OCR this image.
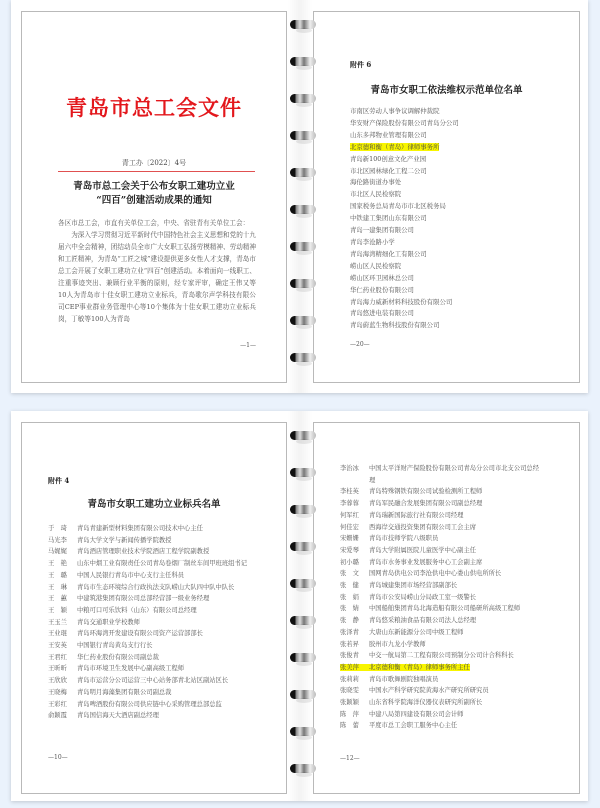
青岛市总工会文件
青工办〔2022〕4号
青岛市总工会关于公布女职工建功立业
“四百”创建活动成果的通知

各区市总工会，市直有关单位工会，中央、省驻青有关单位工会：

为深入学习贯彻习近平新时代中国特色社会主义思想和党的十九届六中全会精神，团结动员全市广大女职工弘扬劳模精神、劳动精神和工匠精神，为青岛“工匠之城”建设提供更多女性人才支撑，青岛市总工会开展了女职工建功立业“四百”创建活动。本着面向一线职工、注重事迹突出、兼顾行业平衡的原则，经专家评审，确定王伟又等10人为青岛市十佳女职工建功立业标兵，青岛歌尔声学科技有限公司CEP事业群业务管理中心等10个集体为十佳女职工建功立业标兵岗，丁敏等100人为青岛

—1—
附件 6
青岛市女职工依法维权示范单位名单
市南区劳动人事争议调解仲裁院
华安财产保险股份有限公司青岛分公司
山东多邦物业管理有限公司
北京德和衡（青岛）律师事务所
青岛新100创意文化产业园
市北区园林绿化工程二公司
海伦路街道办事处
市北区人民检察院
国家税务总局青岛市市北区税务局
中铁建工集团山东有限公司
青岛一建集团有限公司
青岛李沧路小学
青岛海湾精细化工有限公司
崂山区人民检察院
崂山区环卫园林总公司
华仁药业股份有限公司
青岛海力威新材料科技股份有限公司
青岛悠进电装有限公司
青岛蔚蓝生物科技股份有限公司
—20—
附件 4
青岛市女职工建功立业标兵名单
于　琦	青岛青建新型材料集团有限公司技术中心主任
马光李	青岛大学文学与新闻传播学院教授
马娓娓	青岛酒店管理职业技术学院酒店工程学院副教授
王　艳	山东中烟工业有限责任公司青岛卷烟厂制丝车间甲班班组书记
王　璐	中国人民银行青岛市中心支行主任科员
王　琳	青岛市生态环境综合行政执法支队崂山大队四中队中队长
王　蕙	中建筑港集团有限公司总部经营部一级业务经理
王　颖	中粮可口可乐饮料（山东）有限公司总经理
王玉兰	青岛交通职业学校教师
王业琨	青岛环海湾开发建设有限公司资产运营部部长
王安英	中国银行青岛黄岛支行行长
王君红	华仁药业股份有限公司副总裁
王昕昕	青岛市环境卫生发展中心副高级工程师
王欣欣	青岛市运营分公司运营三中心站务部青北站区副站区长
王晓梅	青岛明月海藻集团有限公司副总裁
王彩红	青岛啤酒股份有限公司供应链中心采购管理总部总监
俞颖霞	青岛国信海天大酒店副总经理
—10—
李治冰	中国太平洋财产保险股份有限公司青岛分公司市北支公司总经理
李桂英	青岛特殊钢铁有限公司试验检测所工程师
李蓉蓉	青岛军民融合发展集团有限公司副总经理
何军红	青岛瑞新国际旅行社有限公司经理
何佳宏	西海岸交通投资集团有限公司工会主席
宋姗姗	青岛市技师学院八级职员
宋爱琴	青岛大学附属医院儿童医学中心副主任
初小璐	青岛市水务事业发展服务中心工会副主席
张　文	国网青岛供电公司李沧供电中心娄山供电所所长
张　健	青岛城建集团市场经营部副部长
张　娟	青岛市公安局崂山分局政工室一级警长
张　婧	中国船舶集团青岛北海造船有限公司船研所高级工程师
张　静	青岛悠采粮油食品有限公司法人总经理
张泽青	大唐山东新能源分公司中级工程师
张若昇	胶州市九龙小学教师
张俊青	中交一航局第二工程有限公司预制分公司计合科科长
张美萍 北京德和衡（青岛）律师事务所主任
张莉莉	青岛市歌舞剧院独唱演员
张晓雯	中国水产科学研究院黄海水产研究所研究员
张颖颖	山东省科学院海洋仪器仪表研究所副所长
陈　萍	中建八局第四建设有限公司会计师
陈　蕾	平度市总工会职工服务中心主任
—12—
